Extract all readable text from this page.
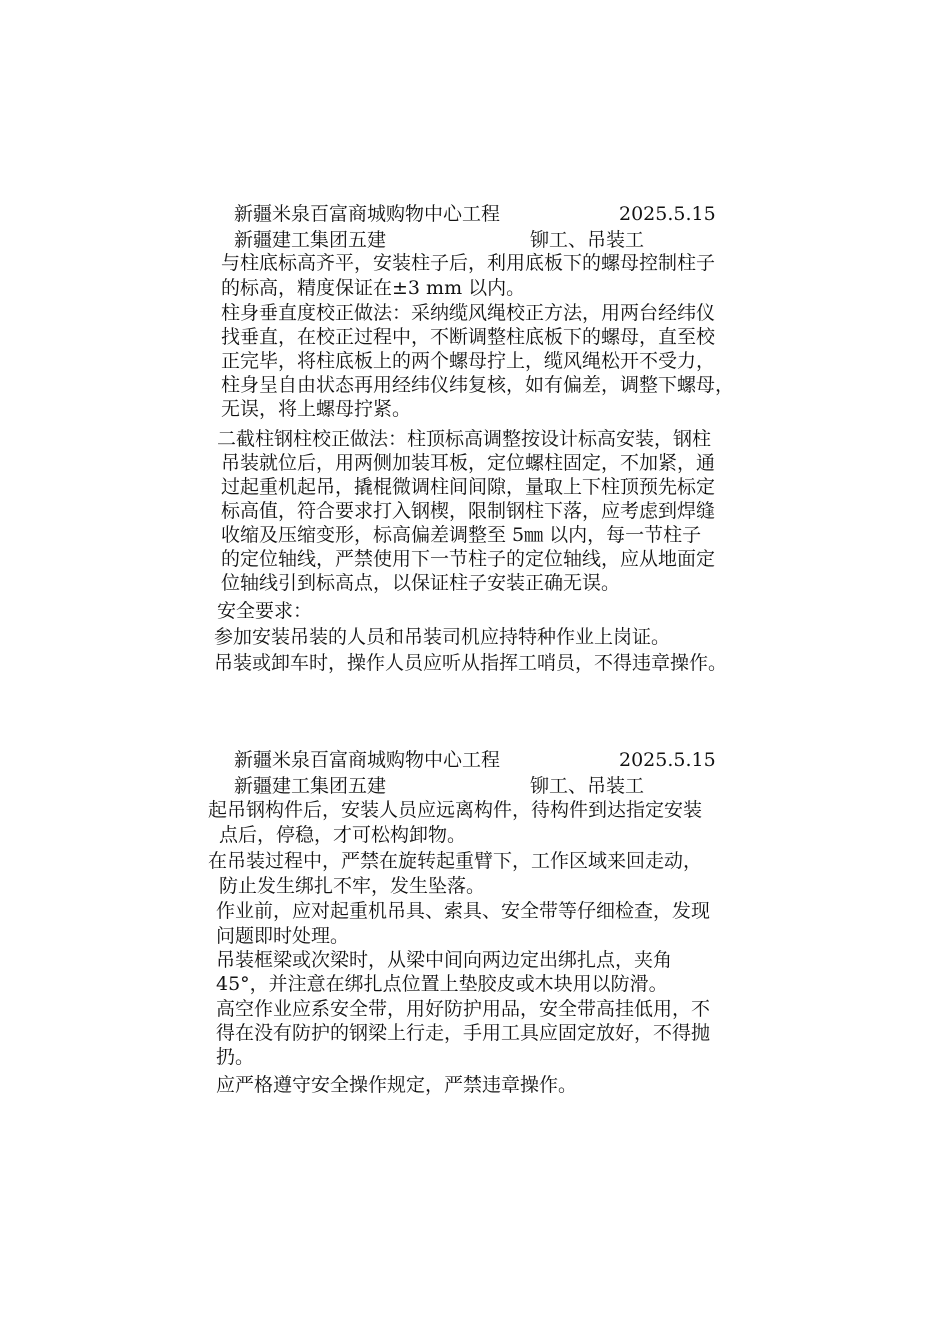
新疆米泉百富商城购物中心工程	2025.5.15
新疆建工集团五建	铆工、吊装工
与柱底标高齐平，安装柱子后，利用底板下的螺母控制柱子
的标高，精度保证在±3 mm 以内。
柱身垂直度校正做法：采纳缆风绳校正方法，用两台经纬仪
找垂直，在校正过程中，不断调整柱底板下的螺母，直至校
正完毕，将柱底板上的两个螺母拧上，缆风绳松开不受力，
柱身呈自由状态再用经纬仪纬复核，如有偏差，调整下螺母，
无误，将上螺母拧紧。
二截柱钢柱校正做法：柱顶标高调整按设计标高安装，钢柱
吊装就位后，用两侧加装耳板，定位螺柱固定，不加紧，通
过起重机起吊，撬棍微调柱间间隙，量取上下柱顶预先标定
标高值，符合要求打入钢楔，限制钢柱下落，应考虑到焊缝
收缩及压缩变形，标高偏差调整至 5㎜ 以内，每一节柱子
的定位轴线，严禁使用下一节柱子的定位轴线，应从地面定
位轴线引到标高点，以保证柱子安装正确无误。
安全要求：
参加安装吊装的人员和吊装司机应持特种作业上岗证。
吊装或卸车时，操作人员应听从指挥工哨员，不得违章操作。
新疆米泉百富商城购物中心工程	2025.5.15
新疆建工集团五建	铆工、吊装工
起吊钢构件后，安装人员应远离构件，待构件到达指定安装
点后，停稳，才可松构卸物。
在吊装过程中，严禁在旋转起重臂下，工作区域来回走动，
防止发生绑扎不牢，发生坠落。
作业前，应对起重机吊具、索具、安全带等仔细检查，发现
问题即时处理。
吊装框梁或次梁时，从梁中间向两边定出绑扎点，夹角
45°，并注意在绑扎点位置上垫胶皮或木块用以防滑。
高空作业应系安全带，用好防护用品，安全带高挂低用，不
得在没有防护的钢梁上行走，手用工具应固定放好，不得抛
扔。
应严格遵守安全操作规定，严禁违章操作。
